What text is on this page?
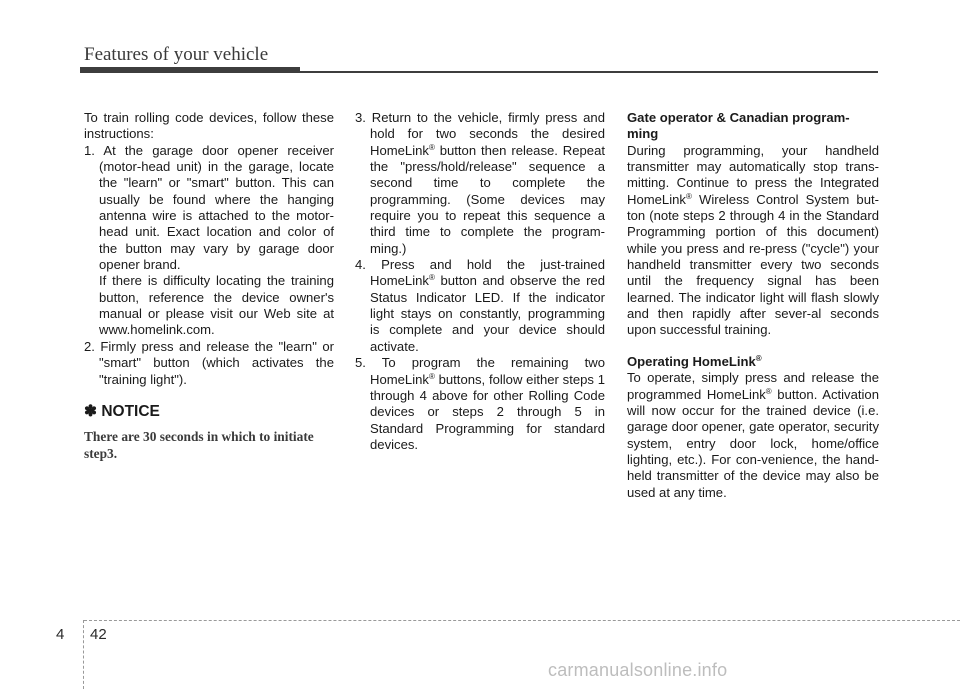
Features of your vehicle

To train rolling code devices, follow these instructions:

1. At the garage door opener receiver (motor-head unit) in the garage, locate the "learn" or "smart" button. This can usually be found where the hanging antenna wire is attached to the motor-head unit. Exact location and color of the button may vary by garage door opener brand.

If there is difficulty locating the training button, reference the device owner's manual or please visit our Web site at www.homelink.com.

2. Firmly press and release the "learn" or "smart" button (which activates the "training light").

✽ NOTICE

There are 30 seconds in which to initiate step3.

3. Return to the vehicle, firmly press and hold for two seconds the desired HomeLink® button then release. Repeat the "press/hold/release" sequence a second time to complete the programming. (Some devices may require you to repeat this sequence a third time to complete the program-ming.)

4. Press and hold the just-trained HomeLink® button and observe the red Status Indicator LED. If the indicator light stays on constantly, programming is complete and your device should activate.

5. To program the remaining two HomeLink® buttons, follow either steps 1 through 4 above for other Rolling Code devices or steps 2 through 5 in Standard Programming for standard devices.

Gate operator & Canadian program-ming

During programming, your handheld transmitter may automatically stop trans-mitting. Continue to press the Integrated HomeLink® Wireless Control System but-ton (note steps 2 through 4 in the Standard Programming portion of this document) while you press and re-press ("cycle") your handheld transmitter every two seconds until the frequency signal has been learned. The indicator light will flash slowly and then rapidly after sever-al seconds upon successful training.

Operating HomeLink®

To operate, simply press and release the programmed HomeLink® button. Activation will now occur for the trained device (i.e. garage door opener, gate operator, security system, entry door lock, home/office lighting, etc.). For con-venience, the hand-held transmitter of the device may also be used at any time.

4 42
carmanualsonline.info
